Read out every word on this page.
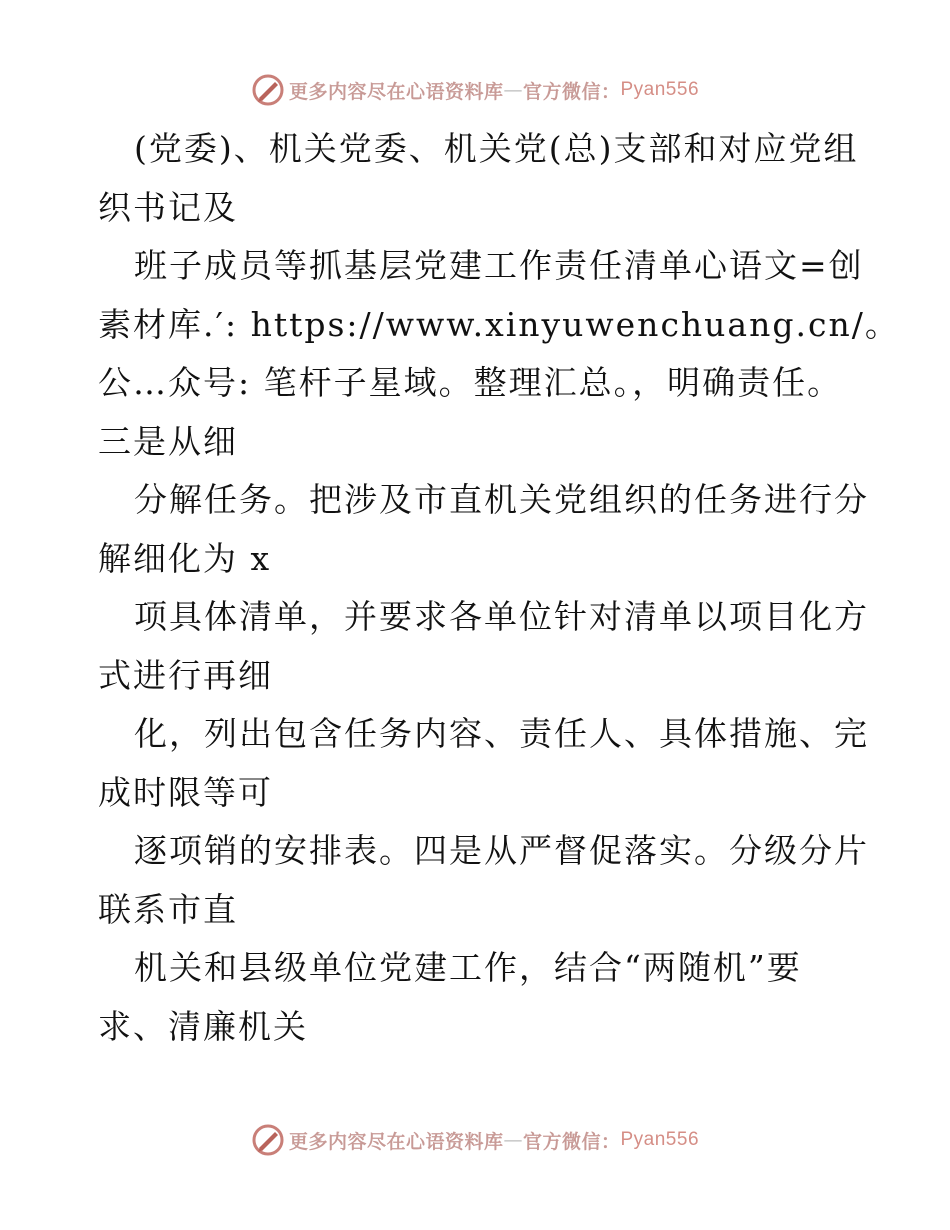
更多内容尽在心语资料库 — 官方微信： Pyan556
(党委)、机关党委、机关党(总)支部和对应党组
织书记及
班子成员等抓基层党建工作责任清单心语文=创
素材库.′: https://www.xinyuwenchuang.cn/。
公…众号: 笔杆子星域。整理汇总。，明确责任。
三是从细
分解任务。把涉及市直机关党组织的任务进行分
解细化为 x
项具体清单，并要求各单位针对清单以项目化方
式进行再细
化，列出包含任务内容、责任人、具体措施、完
成时限等可
逐项销的安排表。四是从严督促落实。分级分片
联系市直
机关和县级单位党建工作，结合“两随机”要
求、清廉机关
更多内容尽在心语资料库 — 官方微信： Pyan556
